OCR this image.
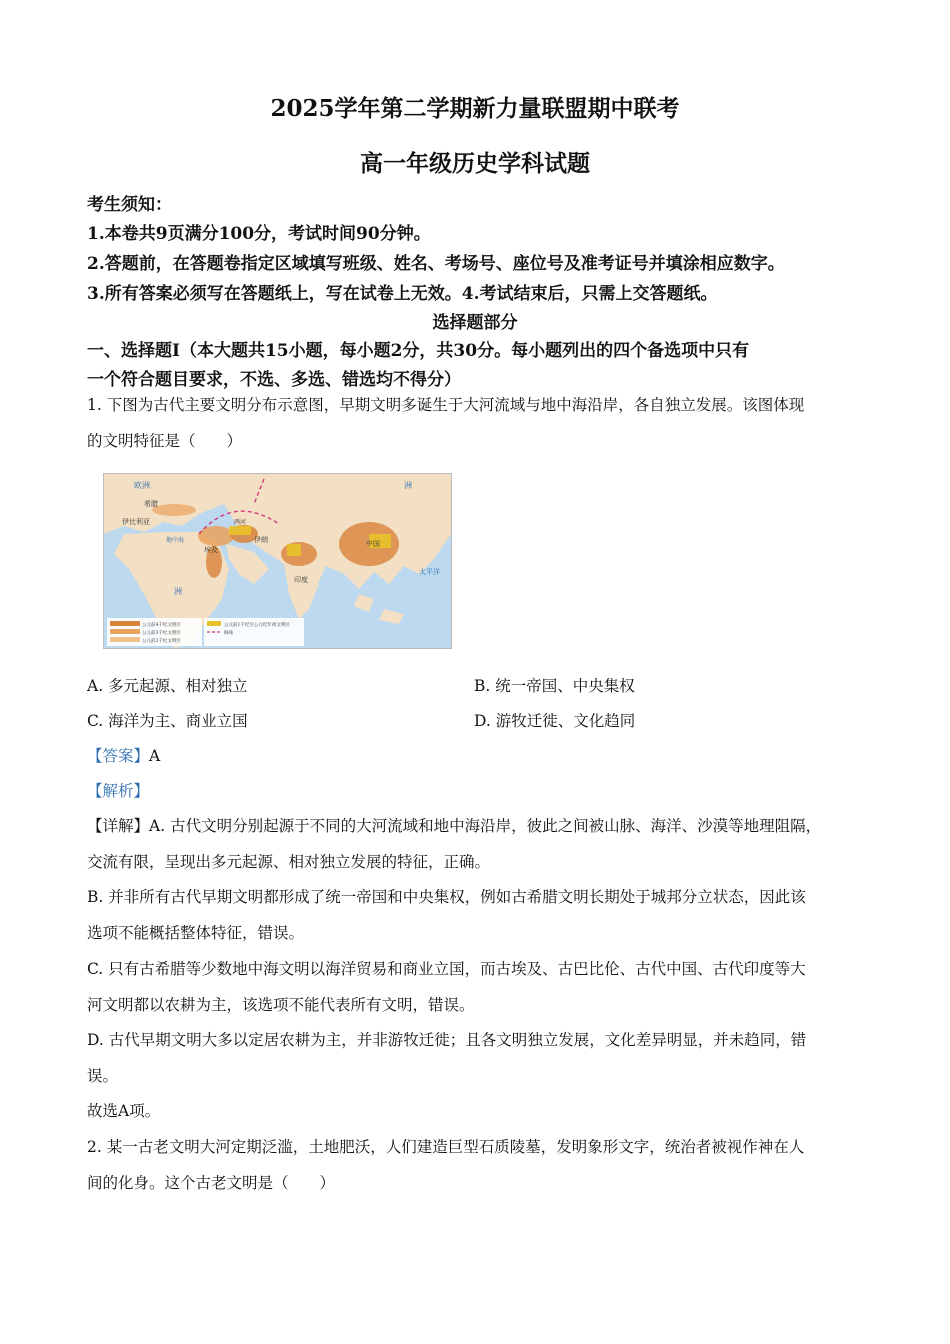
2025学年第二学期新力量联盟期中联考
高一年级历史学科试题
考生须知：
1.本卷共9页满分100分，考试时间90分钟。
2.答题前，在答题卷指定区域填写班级、姓名、考场号、座位号及准考证号并填涂相应数字。
3.所有答案必须写在答题纸上，写在试卷上无效。4.考试结束后，只需上交答题纸。
选择题部分
一、选择题Ⅰ（本大题共15小题，每小题2分，共30分。每小题列出的四个备选项中只有
一个符合题目要求，不选、多选、错选均不得分）
1. 下图为古代主要文明分布示意图，早期文明多诞生于大河流域与地中海沿岸，各自独立发展。该图体现
的文明特征是（　　）
欧洲	洲
洲
希腊
伊比利亚
埃及
伊朗
印度
中国
太平洋
地中海
两河
公元前4千纪文明区
公元前3千纪文明区
公元前2千纪文明区
公元前1千纪至公元纪年初文明区
路线
A. 多元起源、相对独立	B. 统一帝国、中央集权
C. 海洋为主、商业立国	D. 游牧迁徙、文化趋同
【答案】A
【解析】
【详解】A. 古代文明分别起源于不同的大河流域和地中海沿岸，彼此之间被山脉、海洋、沙漠等地理阻隔，
交流有限，呈现出多元起源、相对独立发展的特征，正确。
B. 并非所有古代早期文明都形成了统一帝国和中央集权，例如古希腊文明长期处于城邦分立状态，因此该
选项不能概括整体特征，错误。
C. 只有古希腊等少数地中海文明以海洋贸易和商业立国，而古埃及、古巴比伦、古代中国、古代印度等大
河文明都以农耕为主，该选项不能代表所有文明，错误。
D. 古代早期文明大多以定居农耕为主，并非游牧迁徙；且各文明独立发展，文化差异明显，并未趋同，错
误。
故选A项。
2. 某一古老文明大河定期泛滥，土地肥沃，人们建造巨型石质陵墓，发明象形文字，统治者被视作神在人
间的化身。这个古老文明是（　　）
